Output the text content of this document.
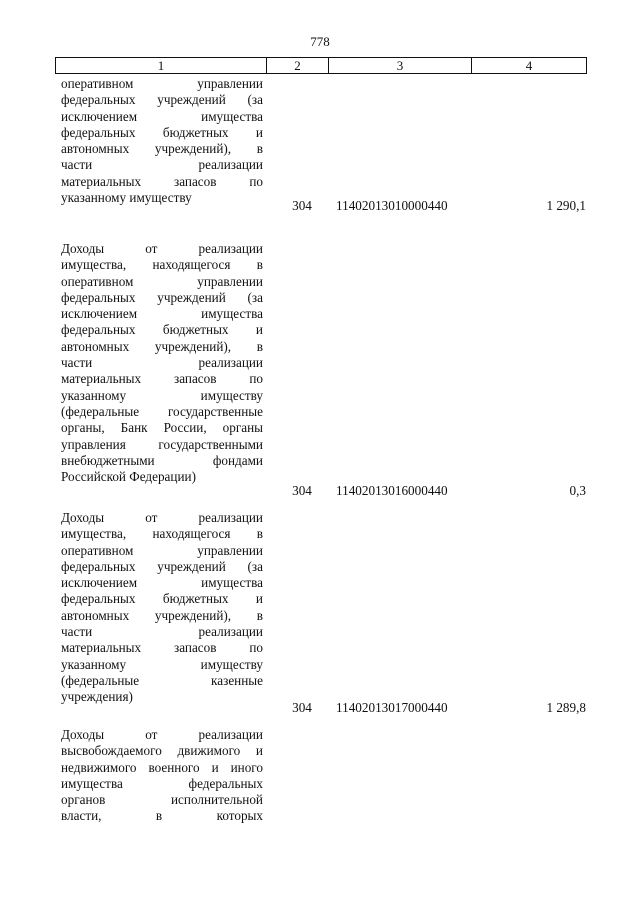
778
1	2	3	4
оперативном управлении
федеральных учреждений (за
исключением имущества
федеральных бюджетных и
автономных учреждений), в
части реализации
материальных запасов по
указанному имуществу
304	11402013010000440	1 290,1
Доходы от реализации
имущества, находящегося в
оперативном управлении
федеральных учреждений (за
исключением имущества
федеральных бюджетных и
автономных учреждений), в
части реализации
материальных запасов по
указанному имуществу
(федеральные государственные
органы, Банк России, органы
управления государственными
внебюджетными фондами
Российской Федерации)
304	11402013016000440	0,3
Доходы от реализации
имущества, находящегося в
оперативном управлении
федеральных учреждений (за
исключением имущества
федеральных бюджетных и
автономных учреждений), в
части реализации
материальных запасов по
указанному имуществу
(федеральные казенные
учреждения)
304	11402013017000440	1 289,8
Доходы от реализации
высвобождаемого движимого и
недвижимого военного и иного
имущества федеральных
органов исполнительной
власти, в которых
